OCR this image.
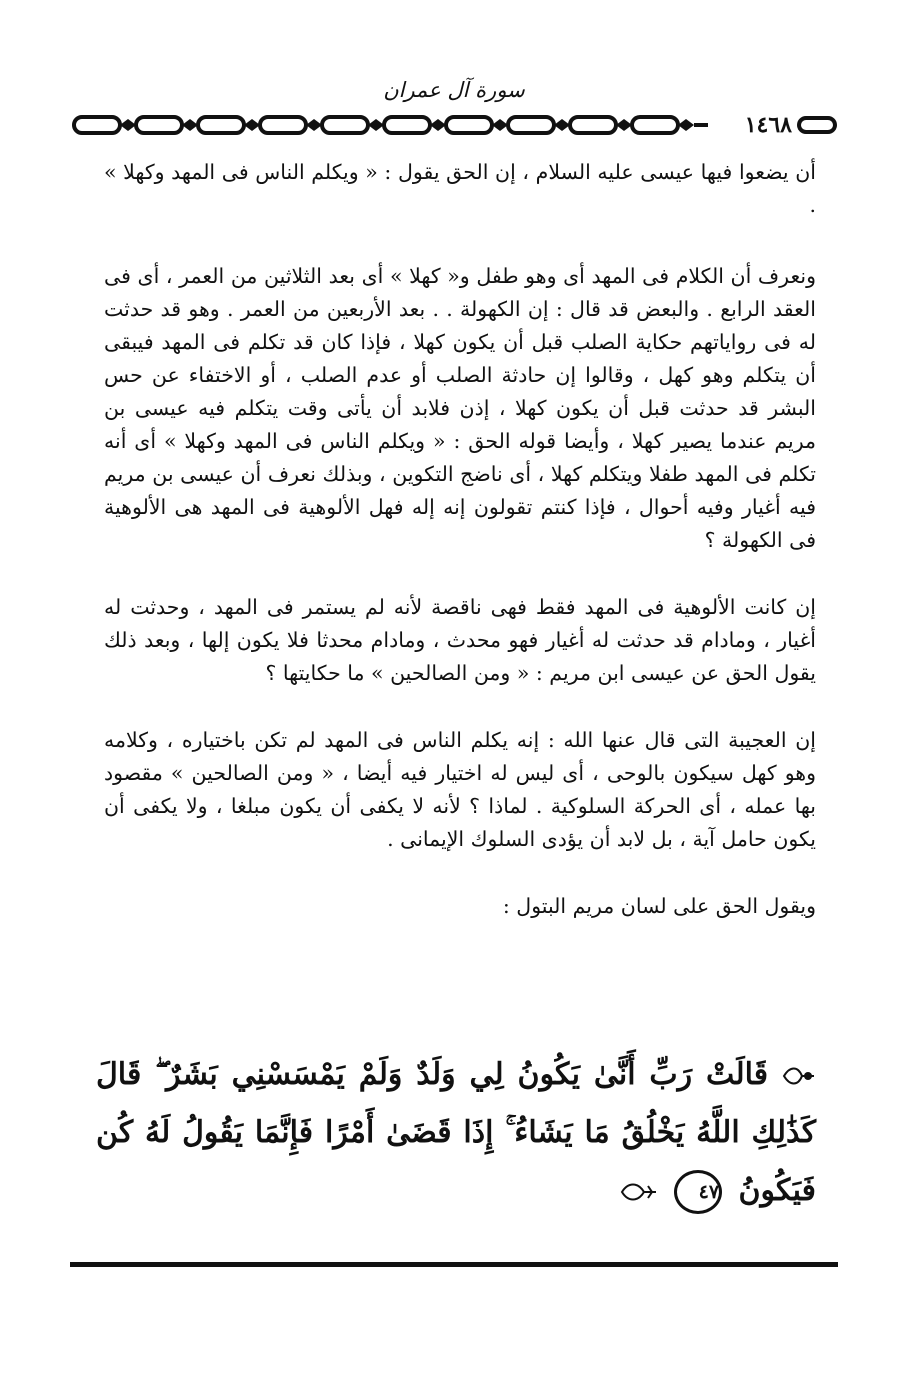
سورة آل عمران
١٤٦٨

أن يضعوا فيها عيسى عليه السلام ، إن الحق يقول : « ويكلم الناس فى المهد وكهلا » .

ونعرف أن الكلام فى المهد أى وهو طفل و« كهلا » أى بعد الثلاثين من العمر ، أى فى العقد الرابع . والبعض قد قال : إن الكهولة . . بعد الأربعين من العمر . وهو قد حدثت له فى رواياتهم حكاية الصلب قبل أن يكون كهلا ، فإذا كان قد تكلم فى المهد فيبقى أن يتكلم وهو كهل ، وقالوا إن حادثة الصلب أو عدم الصلب ، أو الاختفاء عن حس البشر قد حدثت قبل أن يكون كهلا ، إذن فلابد أن يأتى وقت يتكلم فيه عيسى بن مريم عندما يصير كهلا ، وأيضا قوله الحق : « ويكلم الناس فى المهد وكهلا » أى أنه تكلم فى المهد طفلا ويتكلم كهلا ، أى ناضج التكوين ، وبذلك نعرف أن عيسى بن مريم فيه أغيار وفيه أحوال ، فإذا كنتم تقولون إنه إله فهل الألوهية فى المهد هى الألوهية فى الكهولة ؟

إن كانت الألوهية فى المهد فقط فهى ناقصة لأنه لم يستمر فى المهد ، وحدثت له أغيار ، ومادام قد حدثت له أغيار فهو محدث ، ومادام محدثا فلا يكون إلها ، وبعد ذلك يقول الحق عن عيسى ابن مريم : « ومن الصالحين » ما حكايتها ؟

إن العجيبة التى قال عنها الله : إنه يكلم الناس فى المهد لم تكن باختياره ، وكلامه وهو كهل سيكون بالوحى ، أى ليس له اختيار فيه أيضا ، « ومن الصالحين » مقصود بها عمله ، أى الحركة السلوكية . لماذا ؟ لأنه لا يكفى أن يكون مبلغا ، ولا يكفى أن يكون حامل آية ، بل لابد أن يؤدى السلوك الإيمانى .

ويقول الحق على لسان مريم البتول :

قَالَتْ رَبِّ أَنَّىٰ يَكُونُ لِي وَلَدٌ وَلَمْ يَمْسَسْنِي بَشَرٌ ۖ قَالَ كَذَٰلِكِ اللَّهُ يَخْلُقُ مَا يَشَاءُ ۚ إِذَا قَضَىٰ أَمْرًا فَإِنَّمَا يَقُولُ لَهُ كُن فَيَكُونُ ٤٧
